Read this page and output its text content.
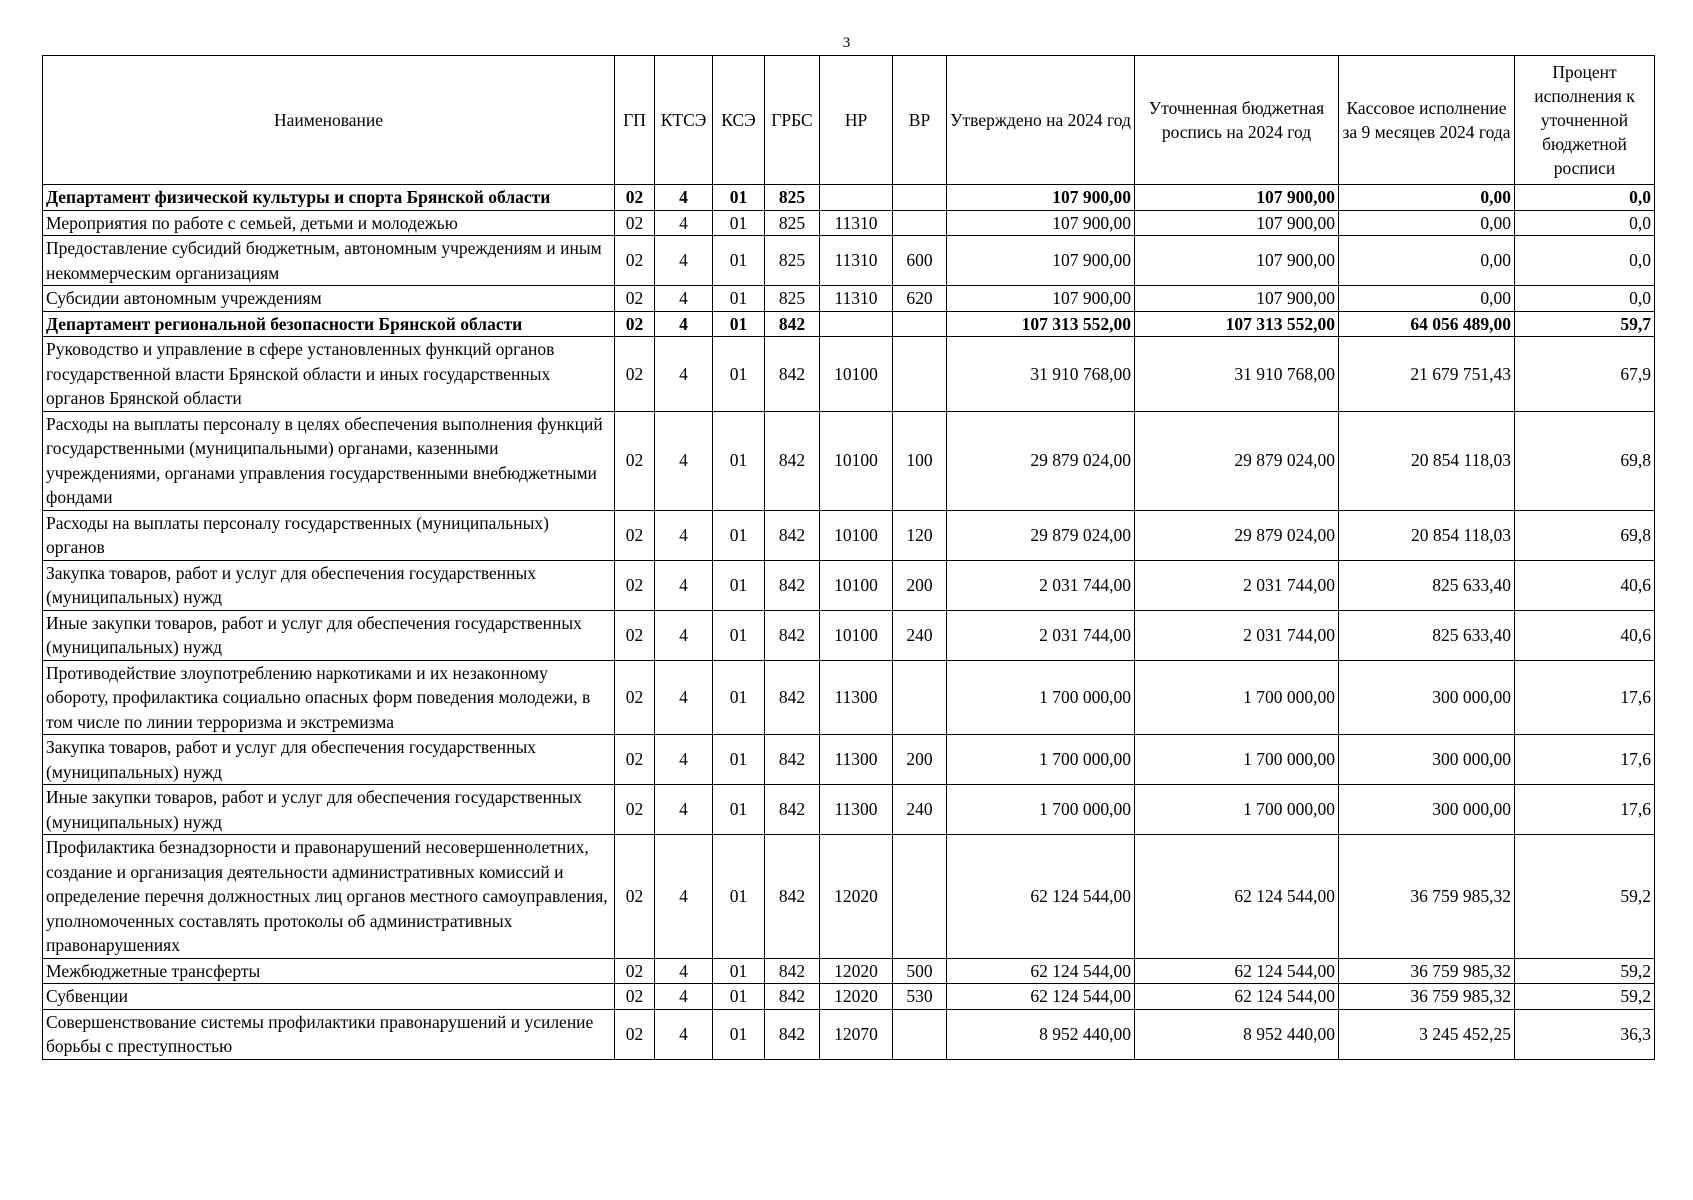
3
Наименование	ГП	КТСЭ	КСЭ	ГРБС	НР	ВР	Утверждено на 2024 год	Уточненная бюджетная роспись на 2024 год	Кассовое исполнение за 9 месяцев 2024 года	Процент исполнения к уточненной бюджетной росписи
Департамент физической культуры и спорта Брянской области	02	4	01	825			107 900,00	107 900,00	0,00	0,0
Мероприятия по работе с семьей, детьми и молодежью	02	4	01	825	11310		107 900,00	107 900,00	0,00	0,0
Предоставление субсидий бюджетным, автономным учреждениям и иным некоммерческим организациям	02	4	01	825	11310	600	107 900,00	107 900,00	0,00	0,0
Субсидии автономным учреждениям	02	4	01	825	11310	620	107 900,00	107 900,00	0,00	0,0
Департамент региональной безопасности Брянской области	02	4	01	842			107 313 552,00	107 313 552,00	64 056 489,00	59,7
Руководство и управление в сфере установленных функций органов государственной власти Брянской области и иных государственных органов Брянской области	02	4	01	842	10100		31 910 768,00	31 910 768,00	21 679 751,43	67,9
Расходы на выплаты персоналу в целях обеспечения выполнения функций государственными (муниципальными) органами, казенными учреждениями, органами управления государственными внебюджетными фондами	02	4	01	842	10100	100	29 879 024,00	29 879 024,00	20 854 118,03	69,8
Расходы на выплаты персоналу государственных (муниципальных) органов	02	4	01	842	10100	120	29 879 024,00	29 879 024,00	20 854 118,03	69,8
Закупка товаров, работ и услуг для обеспечения государственных (муниципальных) нужд	02	4	01	842	10100	200	2 031 744,00	2 031 744,00	825 633,40	40,6
Иные закупки товаров, работ и услуг для обеспечения государственных (муниципальных) нужд	02	4	01	842	10100	240	2 031 744,00	2 031 744,00	825 633,40	40,6
Противодействие злоупотреблению наркотиками и их незаконному обороту, профилактика социально опасных форм поведения молодежи, в том числе по линии терроризма и экстремизма	02	4	01	842	11300		1 700 000,00	1 700 000,00	300 000,00	17,6
Закупка товаров, работ и услуг для обеспечения государственных (муниципальных) нужд	02	4	01	842	11300	200	1 700 000,00	1 700 000,00	300 000,00	17,6
Иные закупки товаров, работ и услуг для обеспечения государственных (муниципальных) нужд	02	4	01	842	11300	240	1 700 000,00	1 700 000,00	300 000,00	17,6
Профилактика безнадзорности и правонарушений несовершеннолетних, создание и организация деятельности административных комиссий и определение перечня должностных лиц органов местного самоуправления, уполномоченных составлять протоколы об административных правонарушениях	02	4	01	842	12020		62 124 544,00	62 124 544,00	36 759 985,32	59,2
Межбюджетные трансферты	02	4	01	842	12020	500	62 124 544,00	62 124 544,00	36 759 985,32	59,2
Субвенции	02	4	01	842	12020	530	62 124 544,00	62 124 544,00	36 759 985,32	59,2
Совершенствование системы профилактики правонарушений и усиление борьбы с преступностью	02	4	01	842	12070		8 952 440,00	8 952 440,00	3 245 452,25	36,3
